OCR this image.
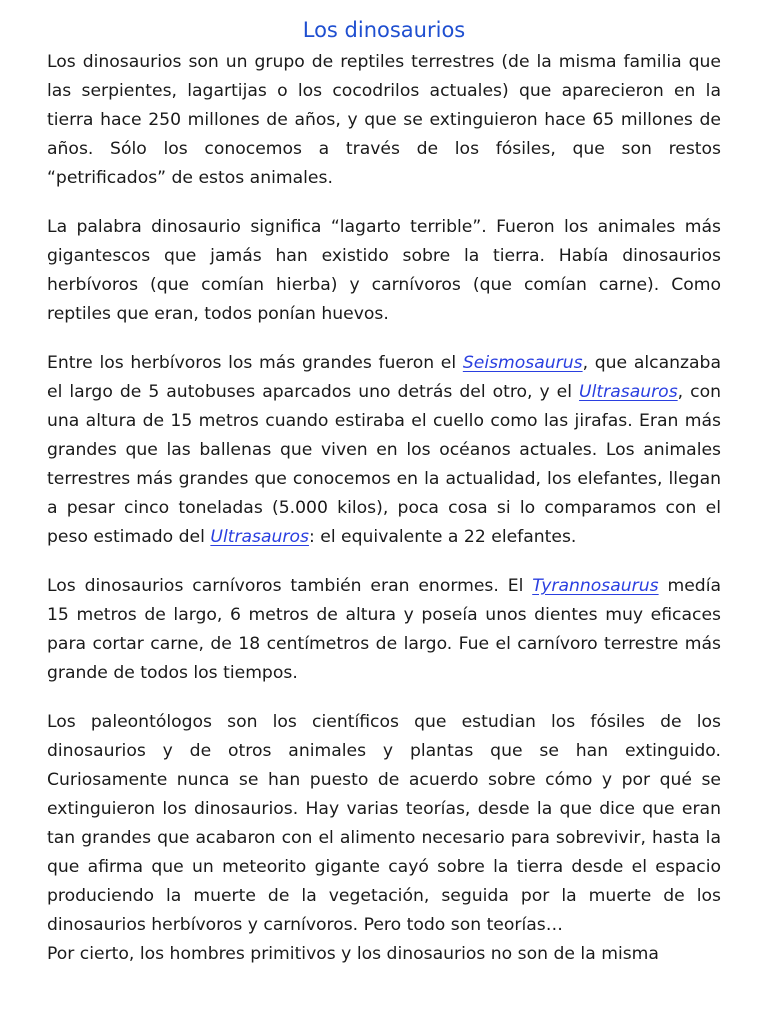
Los dinosaurios

Los dinosaurios son un grupo de reptiles terrestres (de la misma familia que las serpientes, lagartijas o los cocodrilos actuales) que aparecieron en la tierra hace 250 millones de años, y que se extinguieron hace 65 millones de años. Sólo los conocemos a través de los fósiles, que son restos “petrificados” de estos animales.

La palabra dinosaurio significa “lagarto terrible”. Fueron los animales más gigantescos que jamás han existido sobre la tierra. Había dinosaurios herbívoros (que comían hierba) y carnívoros (que comían carne). Como reptiles que eran, todos ponían huevos.

Entre los herbívoros los más grandes fueron el Seismosaurus, que alcanzaba el largo de 5 autobuses aparcados uno detrás del otro, y el Ultrasauros, con una altura de 15 metros cuando estiraba el cuello como las jirafas. Eran más grandes que las ballenas que viven en los océanos actuales. Los animales terrestres más grandes que conocemos en la actualidad, los elefantes, llegan a pesar cinco toneladas (5.000 kilos), poca cosa si lo comparamos con el peso estimado del Ultrasauros: el equivalente a 22 elefantes.

Los dinosaurios carnívoros también eran enormes. El Tyrannosaurus medía 15 metros de largo, 6 metros de altura y poseía unos dientes muy eficaces para cortar carne, de 18 centímetros de largo. Fue el carnívoro terrestre más grande de todos los tiempos.

Los paleontólogos son los científicos que estudian los fósiles de los dinosaurios y de otros animales y plantas que se han extinguido. Curiosamente nunca se han puesto de acuerdo sobre cómo y por qué se extinguieron los dinosaurios. Hay varias teorías, desde la que dice que eran tan grandes que acabaron con el alimento necesario para sobrevivir, hasta la que afirma que un meteorito gigante cayó sobre la tierra desde el espacio produciendo la muerte de la vegetación, seguida por la muerte de los dinosaurios herbívoros y carnívoros. Pero todo son teorías…

Por cierto, los hombres primitivos y los dinosaurios no son de la misma
